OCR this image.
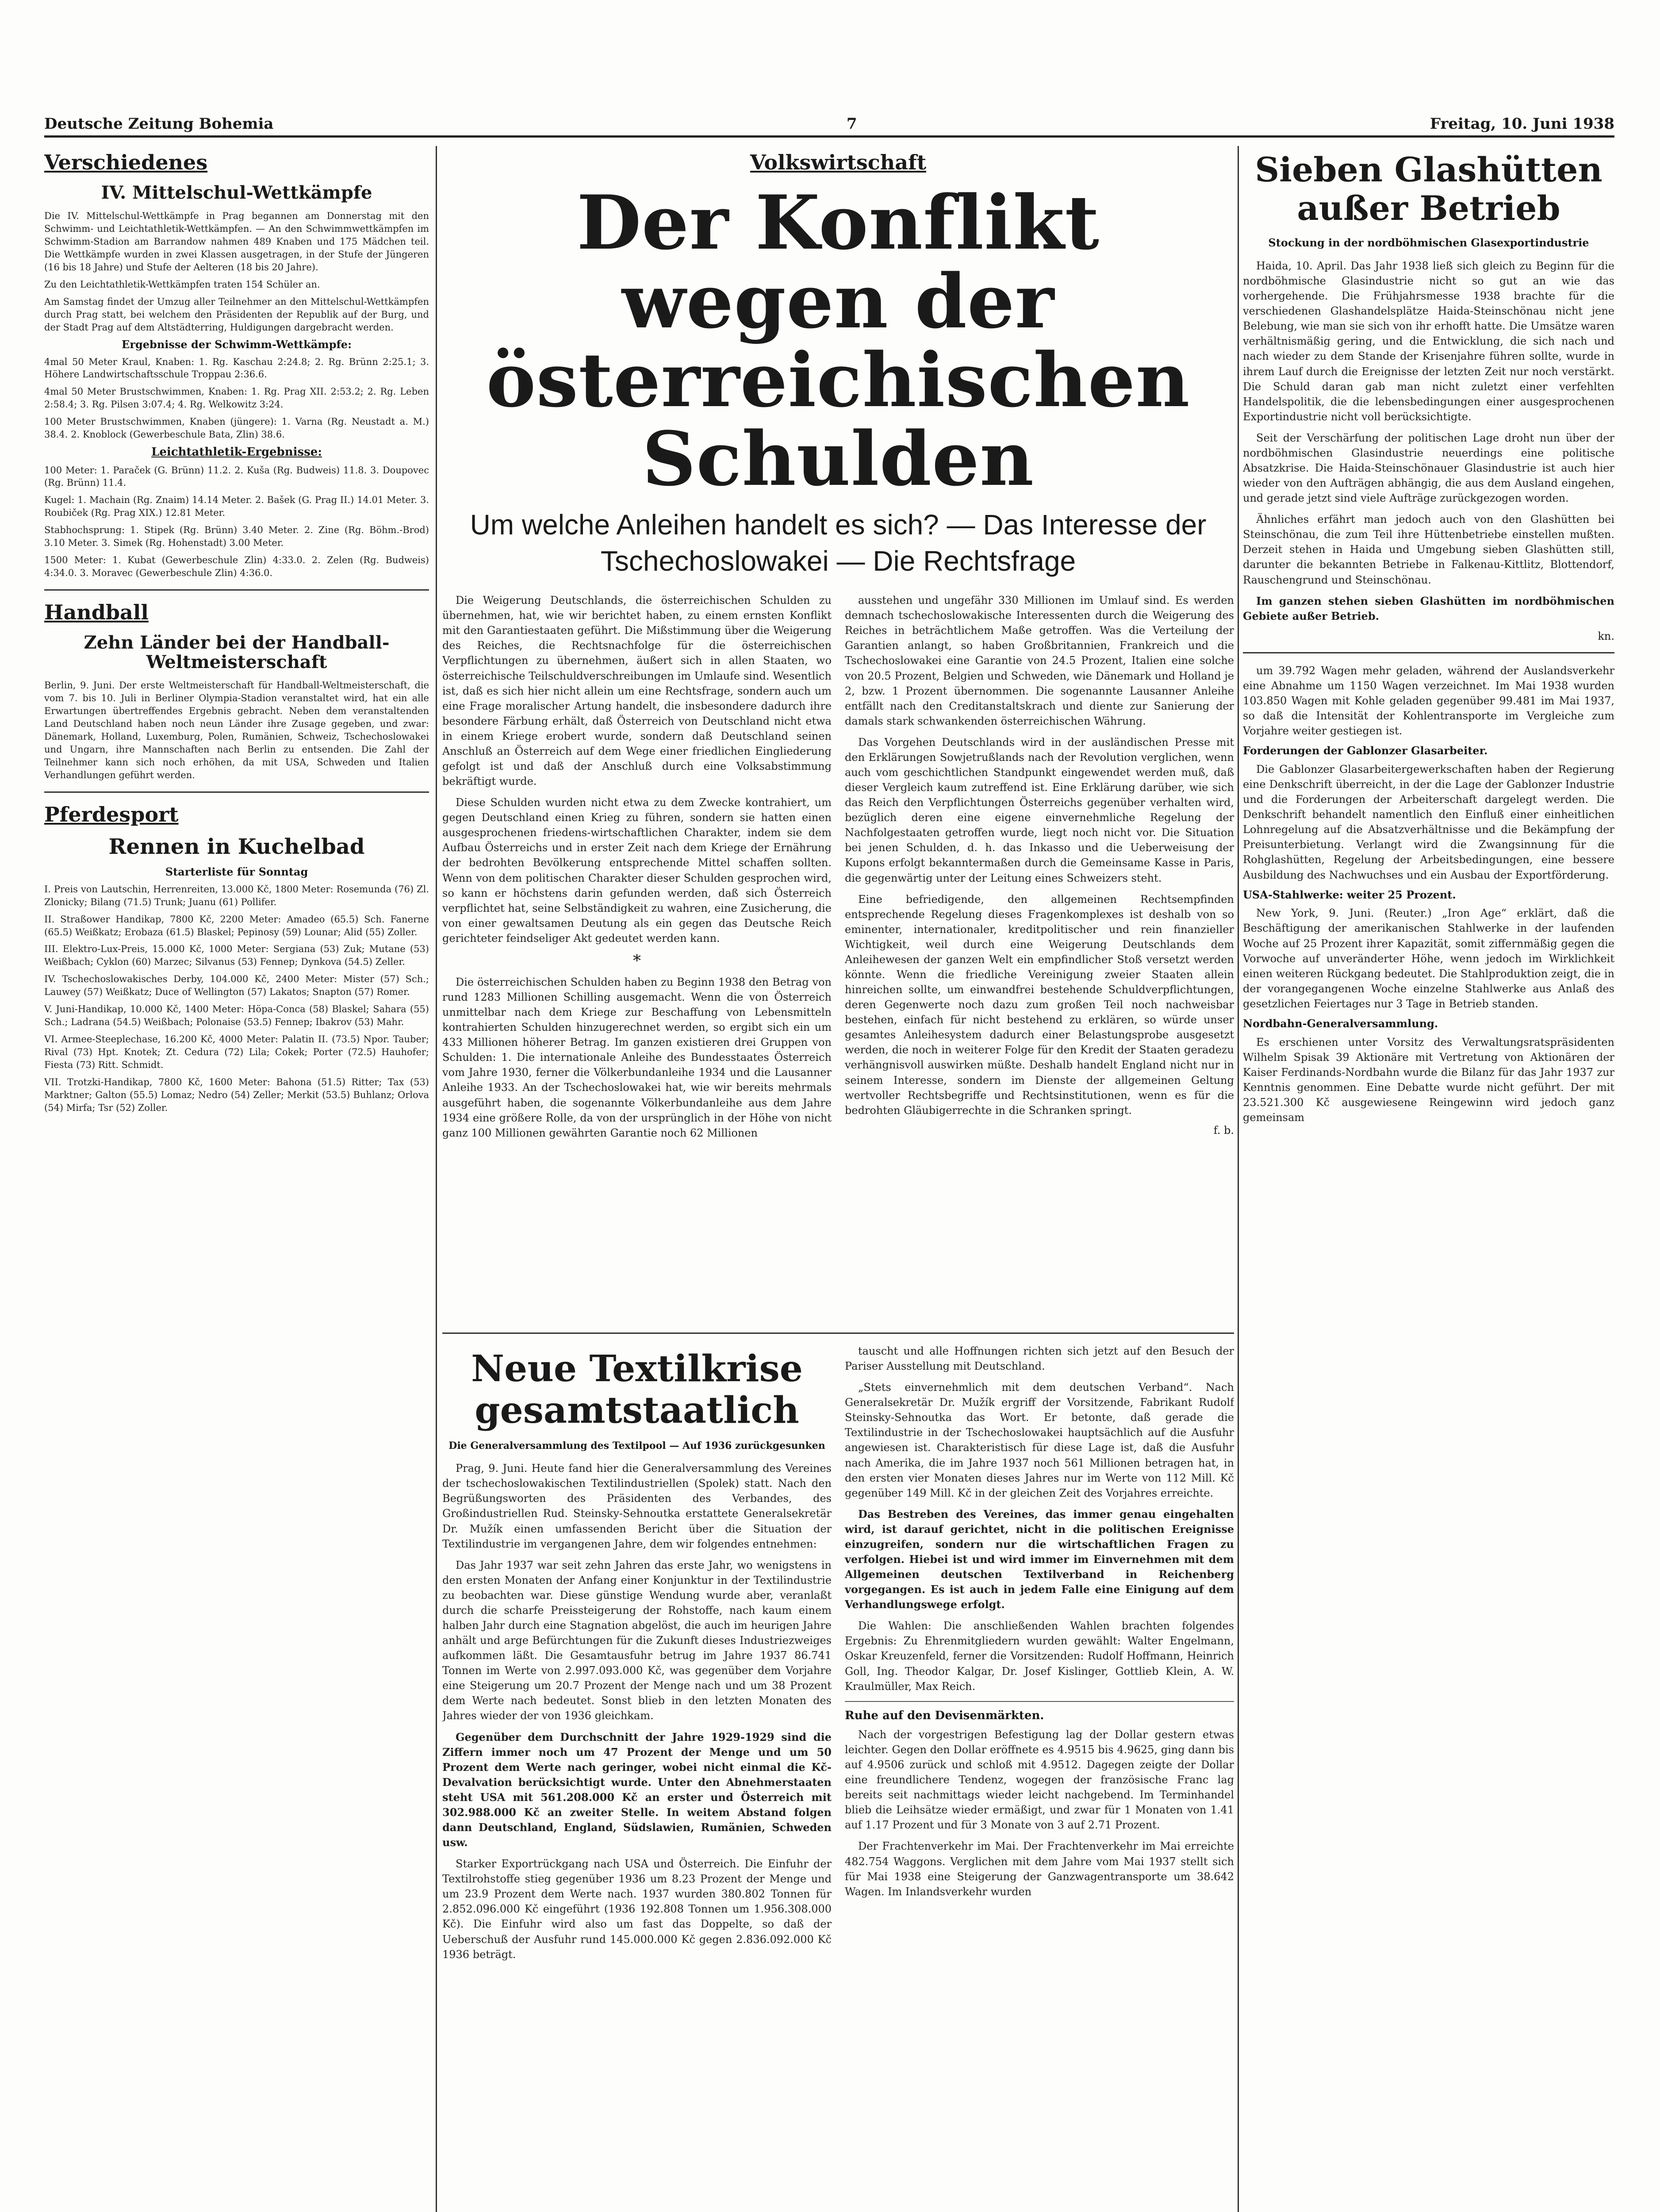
Deutsche Zeitung Bohemia	7	Freitag, 10. Juni 1938
Verschiedenes
IV. Mittelschul-Wettkämpfe

Die IV. Mittelschul-Wettkämpfe in Prag begannen am Donnerstag mit den Schwimm- und Leichtathletik-Wettkämpfen. — An den Schwimmwettkämpfen im Schwimm-Stadion am Barrandow nahmen 489 Knaben und 175 Mädchen teil. Die Wettkämpfe wurden in zwei Klassen ausgetragen, in der Stufe der Jüngeren (16 bis 18 Jahre) und Stufe der Aelteren (18 bis 20 Jahre).

Zu den Leichtathletik-Wettkämpfen traten 154 Schüler an.

Am Samstag findet der Umzug aller Teilnehmer an den Mittelschul-Wettkämpfen durch Prag statt, bei welchem den Präsidenten der Republik auf der Burg, und der Stadt Prag auf dem Altstädterring, Huldigungen dargebracht werden.

Ergebnisse der Schwimm-Wettkämpfe:

4mal 50 Meter Kraul, Knaben: 1. Rg. Kaschau 2:24.8; 2. Rg. Brünn 2:25.1; 3. Höhere Landwirtschaftsschule Troppau 2:36.6.

4mal 50 Meter Brustschwimmen, Knaben: 1. Rg. Prag XII. 2:53.2; 2. Rg. Leben 2:58.4; 3. Rg. Pilsen 3:07.4; 4. Rg. Welkowitz 3:24.

100 Meter Brustschwimmen, Knaben (jüngere): 1. Varna (Rg. Neustadt a. M.) 38.4. 2. Knoblock (Gewerbeschule Bata, Zlin) 38.6.

Leichtathletik-Ergebnisse:

100 Meter: 1. Paraček (G. Brünn) 11.2. 2. Kuša (Rg. Budweis) 11.8. 3. Doupovec (Rg. Brünn) 11.4.

Kugel: 1. Machain (Rg. Znaim) 14.14 Meter. 2. Bašek (G. Prag II.) 14.01 Meter. 3. Roubiček (Rg. Prag XIX.) 12.81 Meter.

Stabhochsprung: 1. Stipek (Rg. Brünn) 3.40 Meter. 2. Zine (Rg. Böhm.-Brod) 3.10 Meter. 3. Simek (Rg. Hohenstadt) 3.00 Meter.

1500 Meter: 1. Kubat (Gewerbeschule Zlin) 4:33.0. 2. Zelen (Rg. Budweis) 4:34.0. 3. Moravec (Gewerbeschule Zlin) 4:36.0.

Handball
Zehn Länder bei der Handball-Weltmeisterschaft

Berlin, 9. Juni. Der erste Weltmeisterschaft für Handball-Weltmeisterschaft, die vom 7. bis 10. Juli in Berliner Olympia-Stadion veranstaltet wird, hat ein alle Erwartungen übertreffendes Ergebnis gebracht. Neben dem veranstaltenden Land Deutschland haben noch neun Länder ihre Zusage gegeben, und zwar: Dänemark, Holland, Luxemburg, Polen, Rumänien, Schweiz, Tschechoslowakei und Ungarn, ihre Mannschaften nach Berlin zu entsenden. Die Zahl der Teilnehmer kann sich noch erhöhen, da mit USA, Schweden und Italien Verhandlungen geführt werden.

Pferdesport
Rennen in Kuchelbad
Starterliste für Sonntag

I. Preis von Lautschin, Herrenreiten, 13.000 Kč, 1800 Meter: Rosemunda (76) Zl. Zlonicky; Bilang (71.5) Trunk; Juanu (61) Pollifer.

II. Straßower Handikap, 7800 Kč, 2200 Meter: Amadeo (65.5) Sch. Fanerne (65.5) Weißkatz; Erobaza (61.5) Blaskel; Pepinosy (59) Lounar; Alid (55) Zoller.

III. Elektro-Lux-Preis, 15.000 Kč, 1000 Meter: Sergiana (53) Zuk; Mutane (53) Weißbach; Cyklon (60) Marzec; Silvanus (53) Fennep; Dynkova (54.5) Zeller.

IV. Tschechoslowakisches Derby, 104.000 Kč, 2400 Meter: Mister (57) Sch.; Lauwey (57) Weißkatz; Duce of Wellington (57) Lakatos; Snapton (57) Romer.

V. Juni-Handikap, 10.000 Kč, 1400 Meter: Höpa-Conca (58) Blaskel; Sahara (55) Sch.; Ladrana (54.5) Weißbach; Polonaise (53.5) Fennep; Ibakrov (53) Mahr.

VI. Armee-Steeplechase, 16.200 Kč, 4000 Meter: Palatin II. (73.5) Npor. Tauber; Rival (73) Hpt. Knotek; Zt. Cedura (72) Lila; Cokek; Porter (72.5) Hauhofer; Fiesta (73) Ritt. Schmidt.

VII. Trotzki-Handikap, 7800 Kč, 1600 Meter: Bahona (51.5) Ritter; Tax (53) Marktner; Galton (55.5) Lomaz; Nedro (54) Zeller; Merkit (53.5) Buhlanz; Orlova (54) Mirfa; Tsr (52) Zoller.

Volkswirtschaft
Der Konflikt wegen der österreichischen Schulden
Um welche Anleihen handelt es sich? — Das Interesse der Tschechoslowakei — Die Rechtsfrage

Die Weigerung Deutschlands, die österreichischen Schulden zu übernehmen, hat, wie wir berichtet haben, zu einem ernsten Konflikt mit den Garantiestaaten geführt. Die Mißstimmung über die Weigerung des Reiches, die Rechtsnachfolge für die österreichischen Verpflichtungen zu übernehmen, äußert sich in allen Staaten, wo österreichische Teilschuldverschreibungen im Umlaufe sind. Wesentlich ist, daß es sich hier nicht allein um eine Rechtsfrage, sondern auch um eine Frage moralischer Artung handelt, die insbesondere dadurch ihre besondere Färbung erhält, daß Österreich von Deutschland nicht etwa in einem Kriege erobert wurde, sondern daß Deutschland seinen Anschluß an Österreich auf dem Wege einer friedlichen Eingliederung gefolgt ist und daß der Anschluß durch eine Volksabstimmung bekräftigt wurde.

Diese Schulden wurden nicht etwa zu dem Zwecke kontrahiert, um gegen Deutschland einen Krieg zu führen, sondern sie hatten einen ausgesprochenen friedens-wirtschaftlichen Charakter, indem sie dem Aufbau Österreichs und in erster Zeit nach dem Kriege der Ernährung der bedrohten Bevölkerung entsprechende Mittel schaffen sollten. Wenn von dem politischen Charakter dieser Schulden gesprochen wird, so kann er höchstens darin gefunden werden, daß sich Österreich verpflichtet hat, seine Selbständigkeit zu wahren, eine Zusicherung, die von einer gewaltsamen Deutung als ein gegen das Deutsche Reich gerichteter feindseliger Akt gedeutet werden kann.

*

Die österreichischen Schulden haben zu Beginn 1938 den Betrag von rund 1283 Millionen Schilling ausgemacht. Wenn die von Österreich unmittelbar nach dem Kriege zur Beschaffung von Lebensmitteln kontrahierten Schulden hinzugerechnet werden, so ergibt sich ein um 433 Millionen höherer Betrag. Im ganzen existieren drei Gruppen von Schulden: 1. Die internationale Anleihe des Bundesstaates Österreich vom Jahre 1930, ferner die Völkerbundanleihe 1934 und die Lausanner Anleihe 1933. An der Tschechoslowakei hat, wie wir bereits mehrmals ausgeführt haben, die sogenannte Völkerbundanleihe aus dem Jahre 1934 eine größere Rolle, da von der ursprünglich in der Höhe von nicht ganz 100 Millionen gewährten Garantie noch 62 Millionen

ausstehen und ungefähr 330 Millionen im Umlauf sind. Es werden demnach tschechoslowakische Interessenten durch die Weigerung des Reiches in beträchtlichem Maße getroffen. Was die Verteilung der Garantien anlangt, so haben Großbritannien, Frankreich und die Tschechoslowakei eine Garantie von 24.5 Prozent, Italien eine solche von 20.5 Prozent, Belgien und Schweden, wie Dänemark und Holland je 2, bzw. 1 Prozent übernommen. Die sogenannte Lausanner Anleihe entfällt nach den Creditanstaltskrach und diente zur Sanierung der damals stark schwankenden österreichischen Währung.

Das Vorgehen Deutschlands wird in der ausländischen Presse mit den Erklärungen Sowjetrußlands nach der Revolution verglichen, wenn auch vom geschichtlichen Standpunkt eingewendet werden muß, daß dieser Vergleich kaum zutreffend ist. Eine Erklärung darüber, wie sich das Reich den Verpflichtungen Österreichs gegenüber verhalten wird, bezüglich deren eine eigene einvernehmliche Regelung der Nachfolgestaaten getroffen wurde, liegt noch nicht vor. Die Situation bei jenen Schulden, d. h. das Inkasso und die Ueberweisung der Kupons erfolgt bekanntermaßen durch die Gemeinsame Kasse in Paris, die gegenwärtig unter der Leitung eines Schweizers steht.

Eine befriedigende, den allgemeinen Rechtsempfinden entsprechende Regelung dieses Fragenkomplexes ist deshalb von so eminenter, internationaler, kreditpolitischer und rein finanzieller Wichtigkeit, weil durch eine Weigerung Deutschlands dem Anleihewesen der ganzen Welt ein empfindlicher Stoß versetzt werden könnte. Wenn die friedliche Vereinigung zweier Staaten allein hinreichen sollte, um einwandfrei bestehende Schuldverpflichtungen, deren Gegenwerte noch dazu zum großen Teil noch nachweisbar bestehen, einfach für nicht bestehend zu erklären, so würde unser gesamtes Anleihesystem dadurch einer Belastungsprobe ausgesetzt werden, die noch in weiterer Folge für den Kredit der Staaten geradezu verhängnisvoll auswirken müßte. Deshalb handelt England nicht nur in seinem Interesse, sondern im Dienste der allgemeinen Geltung wertvoller Rechtsbegriffe und Rechtsinstitutionen, wenn es für die bedrohten Gläubigerrechte in die Schranken springt.

f. b.
Neue Textilkrise gesamtstaatlich
Die Generalversammlung des Textilpool — Auf 1936 zurückgesunken

Prag, 9. Juni. Heute fand hier die Generalversammlung des Vereines der tschechoslowakischen Textilindustriellen (Spolek) statt. Nach den Begrüßungsworten des Präsidenten des Verbandes, des Großindustriellen Rud. Steinsky-Sehnoutka erstattete Generalsekretär Dr. Mužík einen umfassenden Bericht über die Situation der Textilindustrie im vergangenen Jahre, dem wir folgendes entnehmen:

Das Jahr 1937 war seit zehn Jahren das erste Jahr, wo wenigstens in den ersten Monaten der Anfang einer Konjunktur in der Textilindustrie zu beobachten war. Diese günstige Wendung wurde aber, veranlaßt durch die scharfe Preissteigerung der Rohstoffe, nach kaum einem halben Jahr durch eine Stagnation abgelöst, die auch im heurigen Jahre anhält und arge Befürchtungen für die Zukunft dieses Industriezweiges aufkommen läßt. Die Gesamtausfuhr betrug im Jahre 1937 86.741 Tonnen im Werte von 2.997.093.000 Kč, was gegenüber dem Vorjahre eine Steigerung um 20.7 Prozent der Menge nach und um 38 Prozent dem Werte nach bedeutet. Sonst blieb in den letzten Monaten des Jahres wieder der von 1936 gleichkam.

Gegenüber dem Durchschnitt der Jahre 1929-1929 sind die Ziffern immer noch um 47 Prozent der Menge und um 50 Prozent dem Werte nach geringer, wobei nicht einmal die Kč-Devalvation berücksichtigt wurde. Unter den Abnehmerstaaten steht USA mit 561.208.000 Kč an erster und Österreich mit 302.988.000 Kč an zweiter Stelle. In weitem Abstand folgen dann Deutschland, England, Südslawien, Rumänien, Schweden usw.

Starker Exportrückgang nach USA und Österreich. Die Einfuhr der Textilrohstoffe stieg gegenüber 1936 um 8.23 Prozent der Menge und um 23.9 Prozent dem Werte nach. 1937 wurden 380.802 Tonnen für 2.852.096.000 Kč eingeführt (1936 192.808 Tonnen um 1.956.308.000 Kč). Die Einfuhr wird also um fast das Doppelte, so daß der Ueberschuß der Ausfuhr rund 145.000.000 Kč gegen 2.836.092.000 Kč 1936 beträgt.

tauscht und alle Hoffnungen richten sich jetzt auf den Besuch der Pariser Ausstellung mit Deutschland.

„Stets einvernehmlich mit dem deutschen Verband“. Nach Generalsekretär Dr. Mužík ergriff der Vorsitzende, Fabrikant Rudolf Steinsky-Sehnoutka das Wort. Er betonte, daß gerade die Textilindustrie in der Tschechoslowakei hauptsächlich auf die Ausfuhr angewiesen ist. Charakteristisch für diese Lage ist, daß die Ausfuhr nach Amerika, die im Jahre 1937 noch 561 Millionen betragen hat, in den ersten vier Monaten dieses Jahres nur im Werte von 112 Mill. Kč gegenüber 149 Mill. Kč in der gleichen Zeit des Vorjahres erreichte.

Das Bestreben des Vereines, das immer genau eingehalten wird, ist darauf gerichtet, nicht in die politischen Ereignisse einzugreifen, sondern nur die wirtschaftlichen Fragen zu verfolgen. Hiebei ist und wird immer im Einvernehmen mit dem Allgemeinen deutschen Textilverband in Reichenberg vorgegangen. Es ist auch in jedem Falle eine Einigung auf dem Verhandlungswege erfolgt.

Die Wahlen: Die anschließenden Wahlen brachten folgendes Ergebnis: Zu Ehrenmitgliedern wurden gewählt: Walter Engelmann, Oskar Kreuzenfeld, ferner die Vorsitzenden: Rudolf Hoffmann, Heinrich Goll, Ing. Theodor Kalgar, Dr. Josef Kislinger, Gottlieb Klein, A. W. Kraulmüller, Max Reich.

Ruhe auf den Devisenmärkten.

Nach der vorgestrigen Befestigung lag der Dollar gestern etwas leichter. Gegen den Dollar eröffnete es 4.9515 bis 4.9625, ging dann bis auf 4.9506 zurück und schloß mit 4.9512. Dagegen zeigte der Dollar eine freundlichere Tendenz, wogegen der französische Franc lag bereits seit nachmittags wieder leicht nachgebend. Im Terminhandel blieb die Leihsätze wieder ermäßigt, und zwar für 1 Monaten von 1.41 auf 1.17 Prozent und für 3 Monate von 3 auf 2.71 Prozent.

Der Frachtenverkehr im Mai. Der Frachtenverkehr im Mai erreichte 482.754 Waggons. Verglichen mit dem Jahre vom Mai 1937 stellt sich für Mai 1938 eine Steigerung der Ganzwagentransporte um 38.642 Wagen. Im Inlandsverkehr wurden

Sieben Glashütten außer Betrieb
Stockung in der nordböhmischen Glasexportindustrie

Haida, 10. April. Das Jahr 1938 ließ sich gleich zu Beginn für die nordböhmische Glasindustrie nicht so gut an wie das vorhergehende. Die Frühjahrsmesse 1938 brachte für die verschiedenen Glashandelsplätze Haida-Steinschönau nicht jene Belebung, wie man sie sich von ihr erhofft hatte. Die Umsätze waren verhältnismäßig gering, und die Entwicklung, die sich nach und nach wieder zu dem Stande der Krisenjahre führen sollte, wurde in ihrem Lauf durch die Ereignisse der letzten Zeit nur noch verstärkt. Die Schuld daran gab man nicht zuletzt einer verfehlten Handelspolitik, die die lebensbedingungen einer ausgesprochenen Exportindustrie nicht voll berücksichtigte.

Seit der Verschärfung der politischen Lage droht nun über der nordböhmischen Glasindustrie neuerdings eine politische Absatzkrise. Die Haida-Steinschönauer Glasindustrie ist auch hier wieder von den Aufträgen abhängig, die aus dem Ausland eingehen, und gerade jetzt sind viele Aufträge zurückgezogen worden.

Ähnliches erfährt man jedoch auch von den Glashütten bei Steinschönau, die zum Teil ihre Hüttenbetriebe einstellen mußten. Derzeit stehen in Haida und Umgebung sieben Glashütten still, darunter die bekannten Betriebe in Falkenau-Kittlitz, Blottendorf, Rauschengrund und Steinschönau.

Im ganzen stehen sieben Glashütten im nordböhmischen Gebiete außer Betrieb.

kn.

um 39.792 Wagen mehr geladen, während der Auslandsverkehr eine Abnahme um 1150 Wagen verzeichnet. Im Mai 1938 wurden 103.850 Wagen mit Kohle geladen gegenüber 99.481 im Mai 1937, so daß die Intensität der Kohlentransporte im Vergleiche zum Vorjahre weiter gestiegen ist.

Forderungen der Gablonzer Glasarbeiter.

Die Gablonzer Glasarbeitergewerkschaften haben der Regierung eine Denkschrift überreicht, in der die Lage der Gablonzer Industrie und die Forderungen der Arbeiterschaft dargelegt werden. Die Denkschrift behandelt namentlich den Einfluß einer einheitlichen Lohnregelung auf die Absatzverhältnisse und die Bekämpfung der Preisunterbietung. Verlangt wird die Zwangsinnung für die Rohglashütten, Regelung der Arbeitsbedingungen, eine bessere Ausbildung des Nachwuchses und ein Ausbau der Exportförderung.

USA-Stahlwerke: weiter 25 Prozent.

New York, 9. Juni. (Reuter.) „Iron Age“ erklärt, daß die Beschäftigung der amerikanischen Stahlwerke in der laufenden Woche auf 25 Prozent ihrer Kapazität, somit ziffernmäßig gegen die Vorwoche auf unveränderter Höhe, wenn jedoch im Wirklichkeit einen weiteren Rückgang bedeutet. Die Stahlproduktion zeigt, die in der vorangegangenen Woche einzelne Stahlwerke aus Anlaß des gesetzlichen Feiertages nur 3 Tage in Betrieb standen.

Nordbahn-Generalversammlung.

Es erschienen unter Vorsitz des Verwaltungsratspräsidenten Wilhelm Spisak 39 Aktionäre mit Vertretung von Aktionären der Kaiser Ferdinands-Nordbahn wurde die Bilanz für das Jahr 1937 zur Kenntnis genommen. Eine Debatte wurde nicht geführt. Der mit 23.521.300 Kč ausgewiesene Reingewinn wird jedoch ganz gemeinsam
